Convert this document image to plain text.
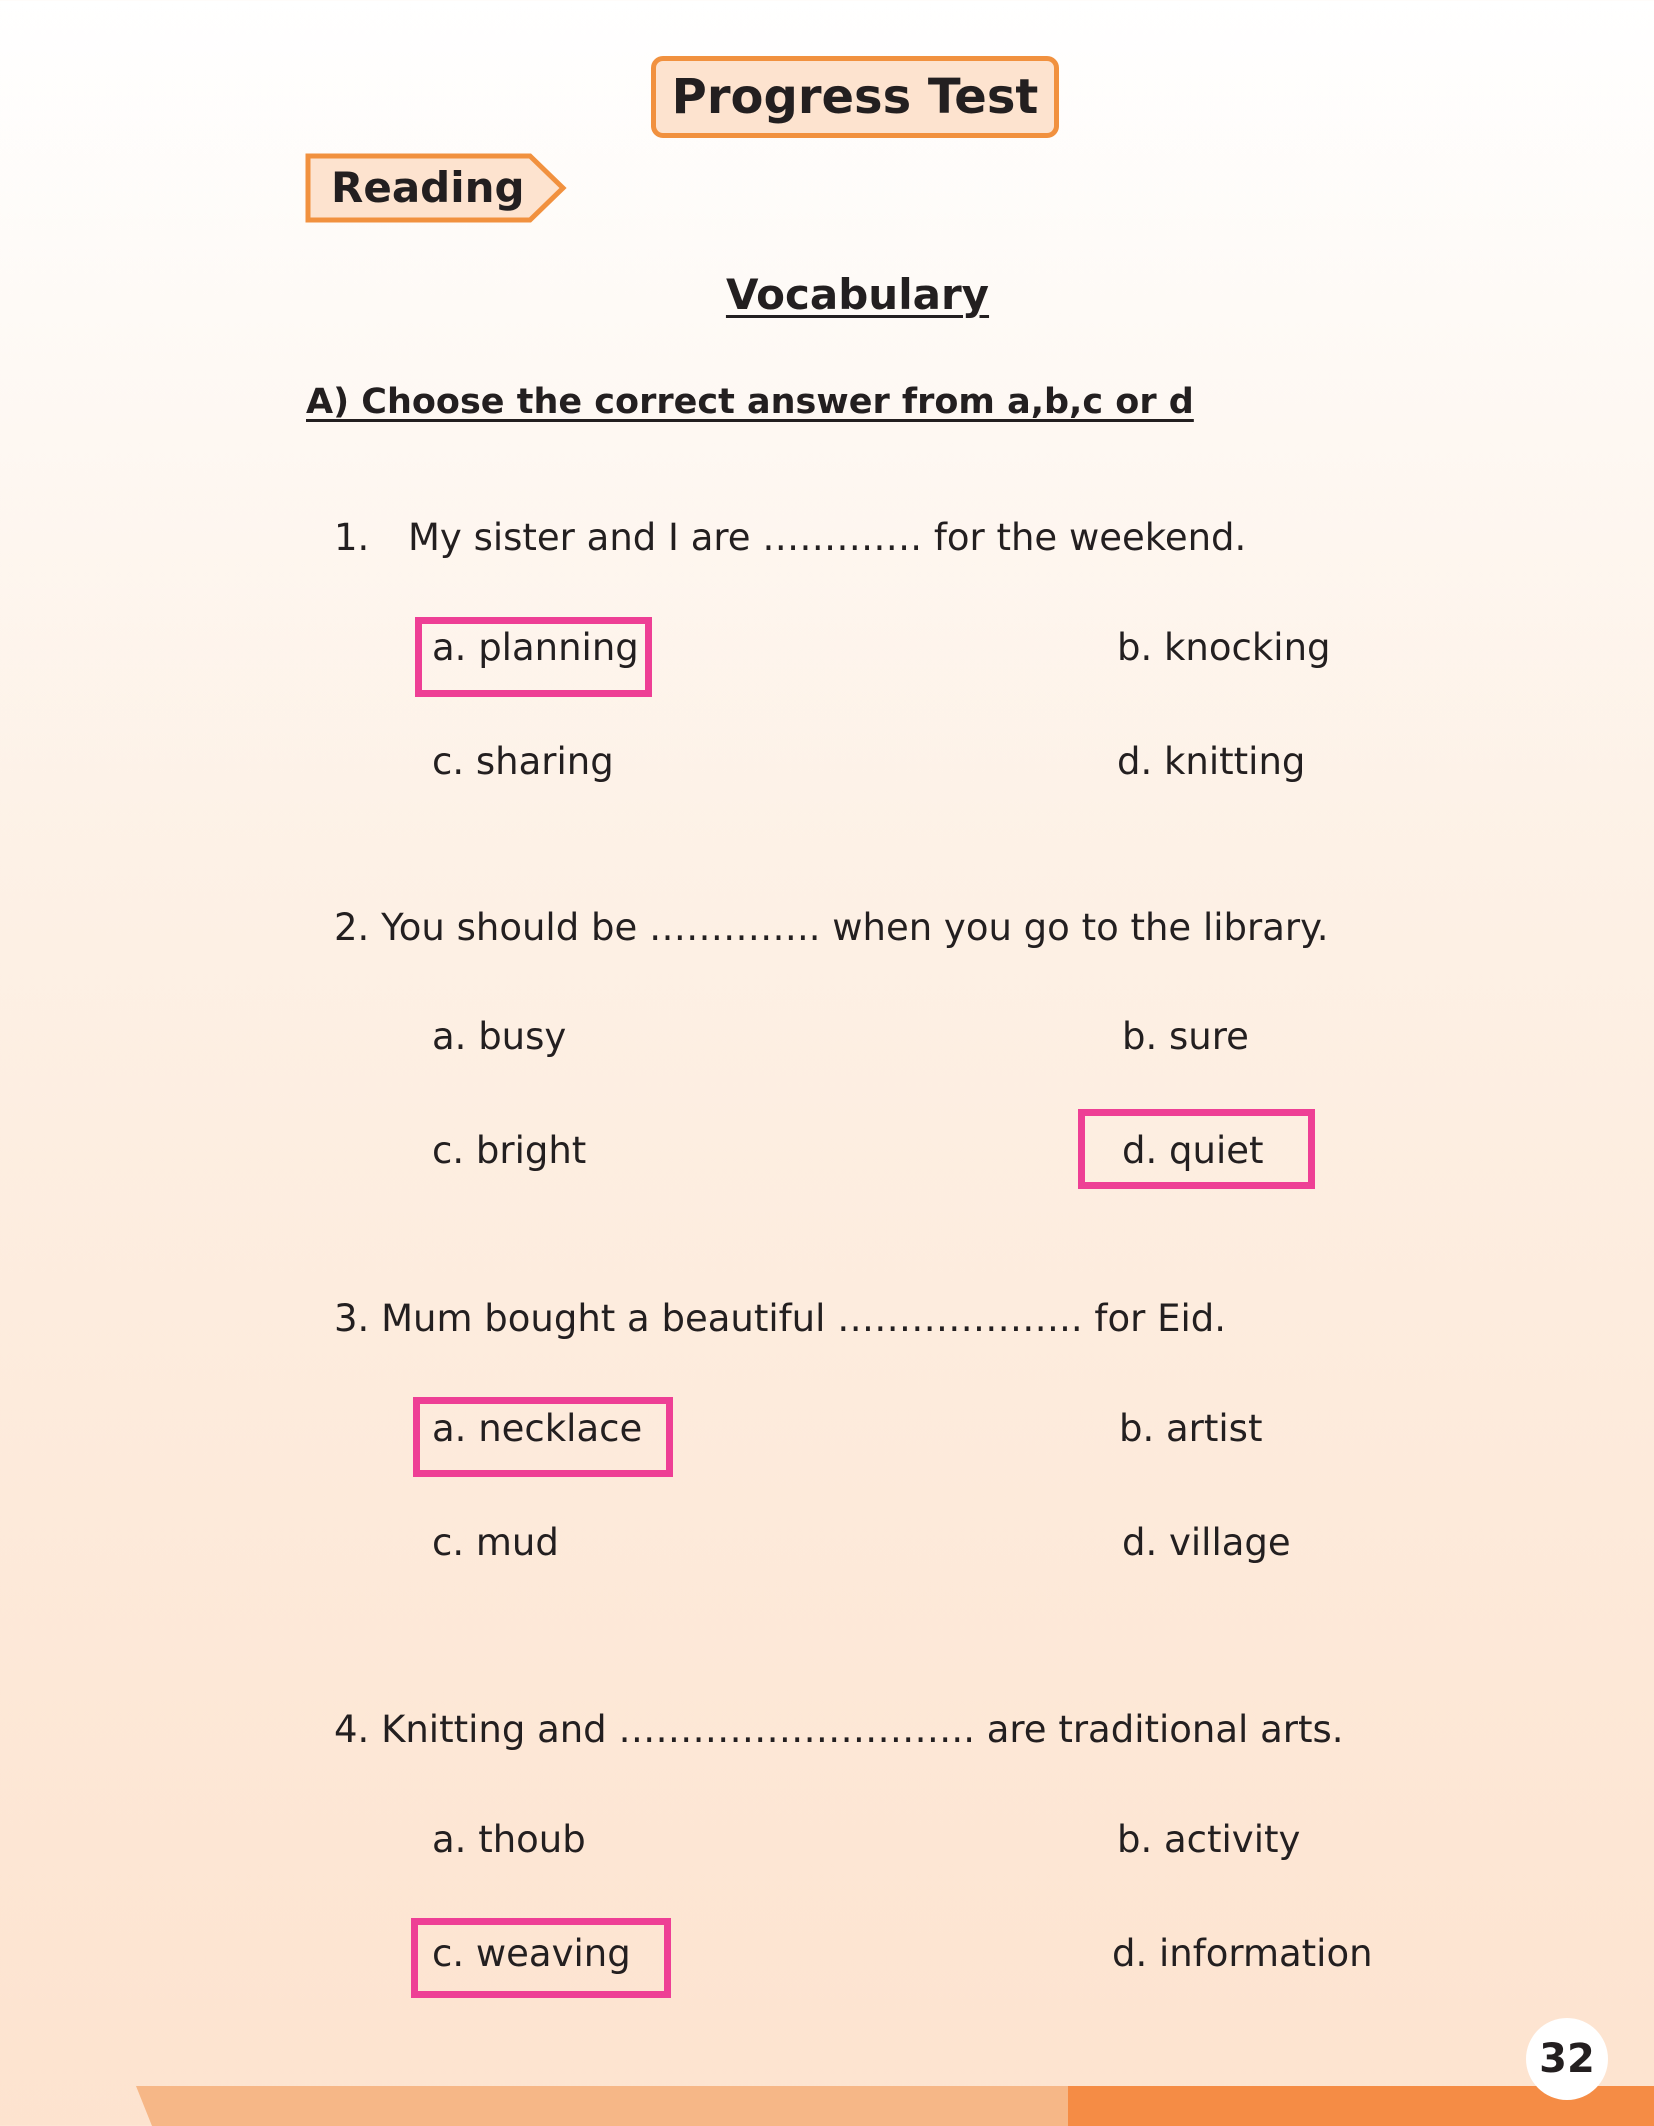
Progress Test
Reading
Vocabulary
A) Choose the correct answer from a,b,c or d
1. My sister and I are …………. for the weekend.
a. planning	b. knocking
c. sharing	d. knitting
2. You should be ………….. when you go to the library.
a. busy	b. sure
c. bright	d. quiet
3. Mum bought a beautiful ……………….. for Eid.
a. necklace	b. artist
c. mud	d. village
4. Knitting and ……………………….. are traditional arts.
a. thoub	b. activity
c. weaving	d. information
32
